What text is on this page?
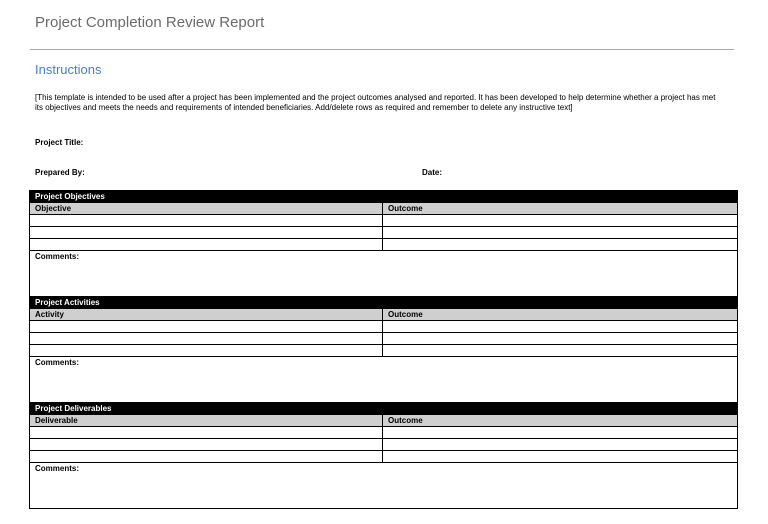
Project Completion Review Report
Instructions
[This template is intended to be used after a project has been implemented and the project outcomes analysed and reported. It has been developed to help determine whether a project has met its objectives and meets the needs and requirements of intended beneficiaries. Add/delete rows as required and remember to delete any instructive text]
Project Title:
Prepared By:	Date:
Project Objectives
Objective	Outcome
Comments:
Project Activities
Activity	Outcome
Comments:
Project Deliverables
Deliverable	Outcome
Comments:
